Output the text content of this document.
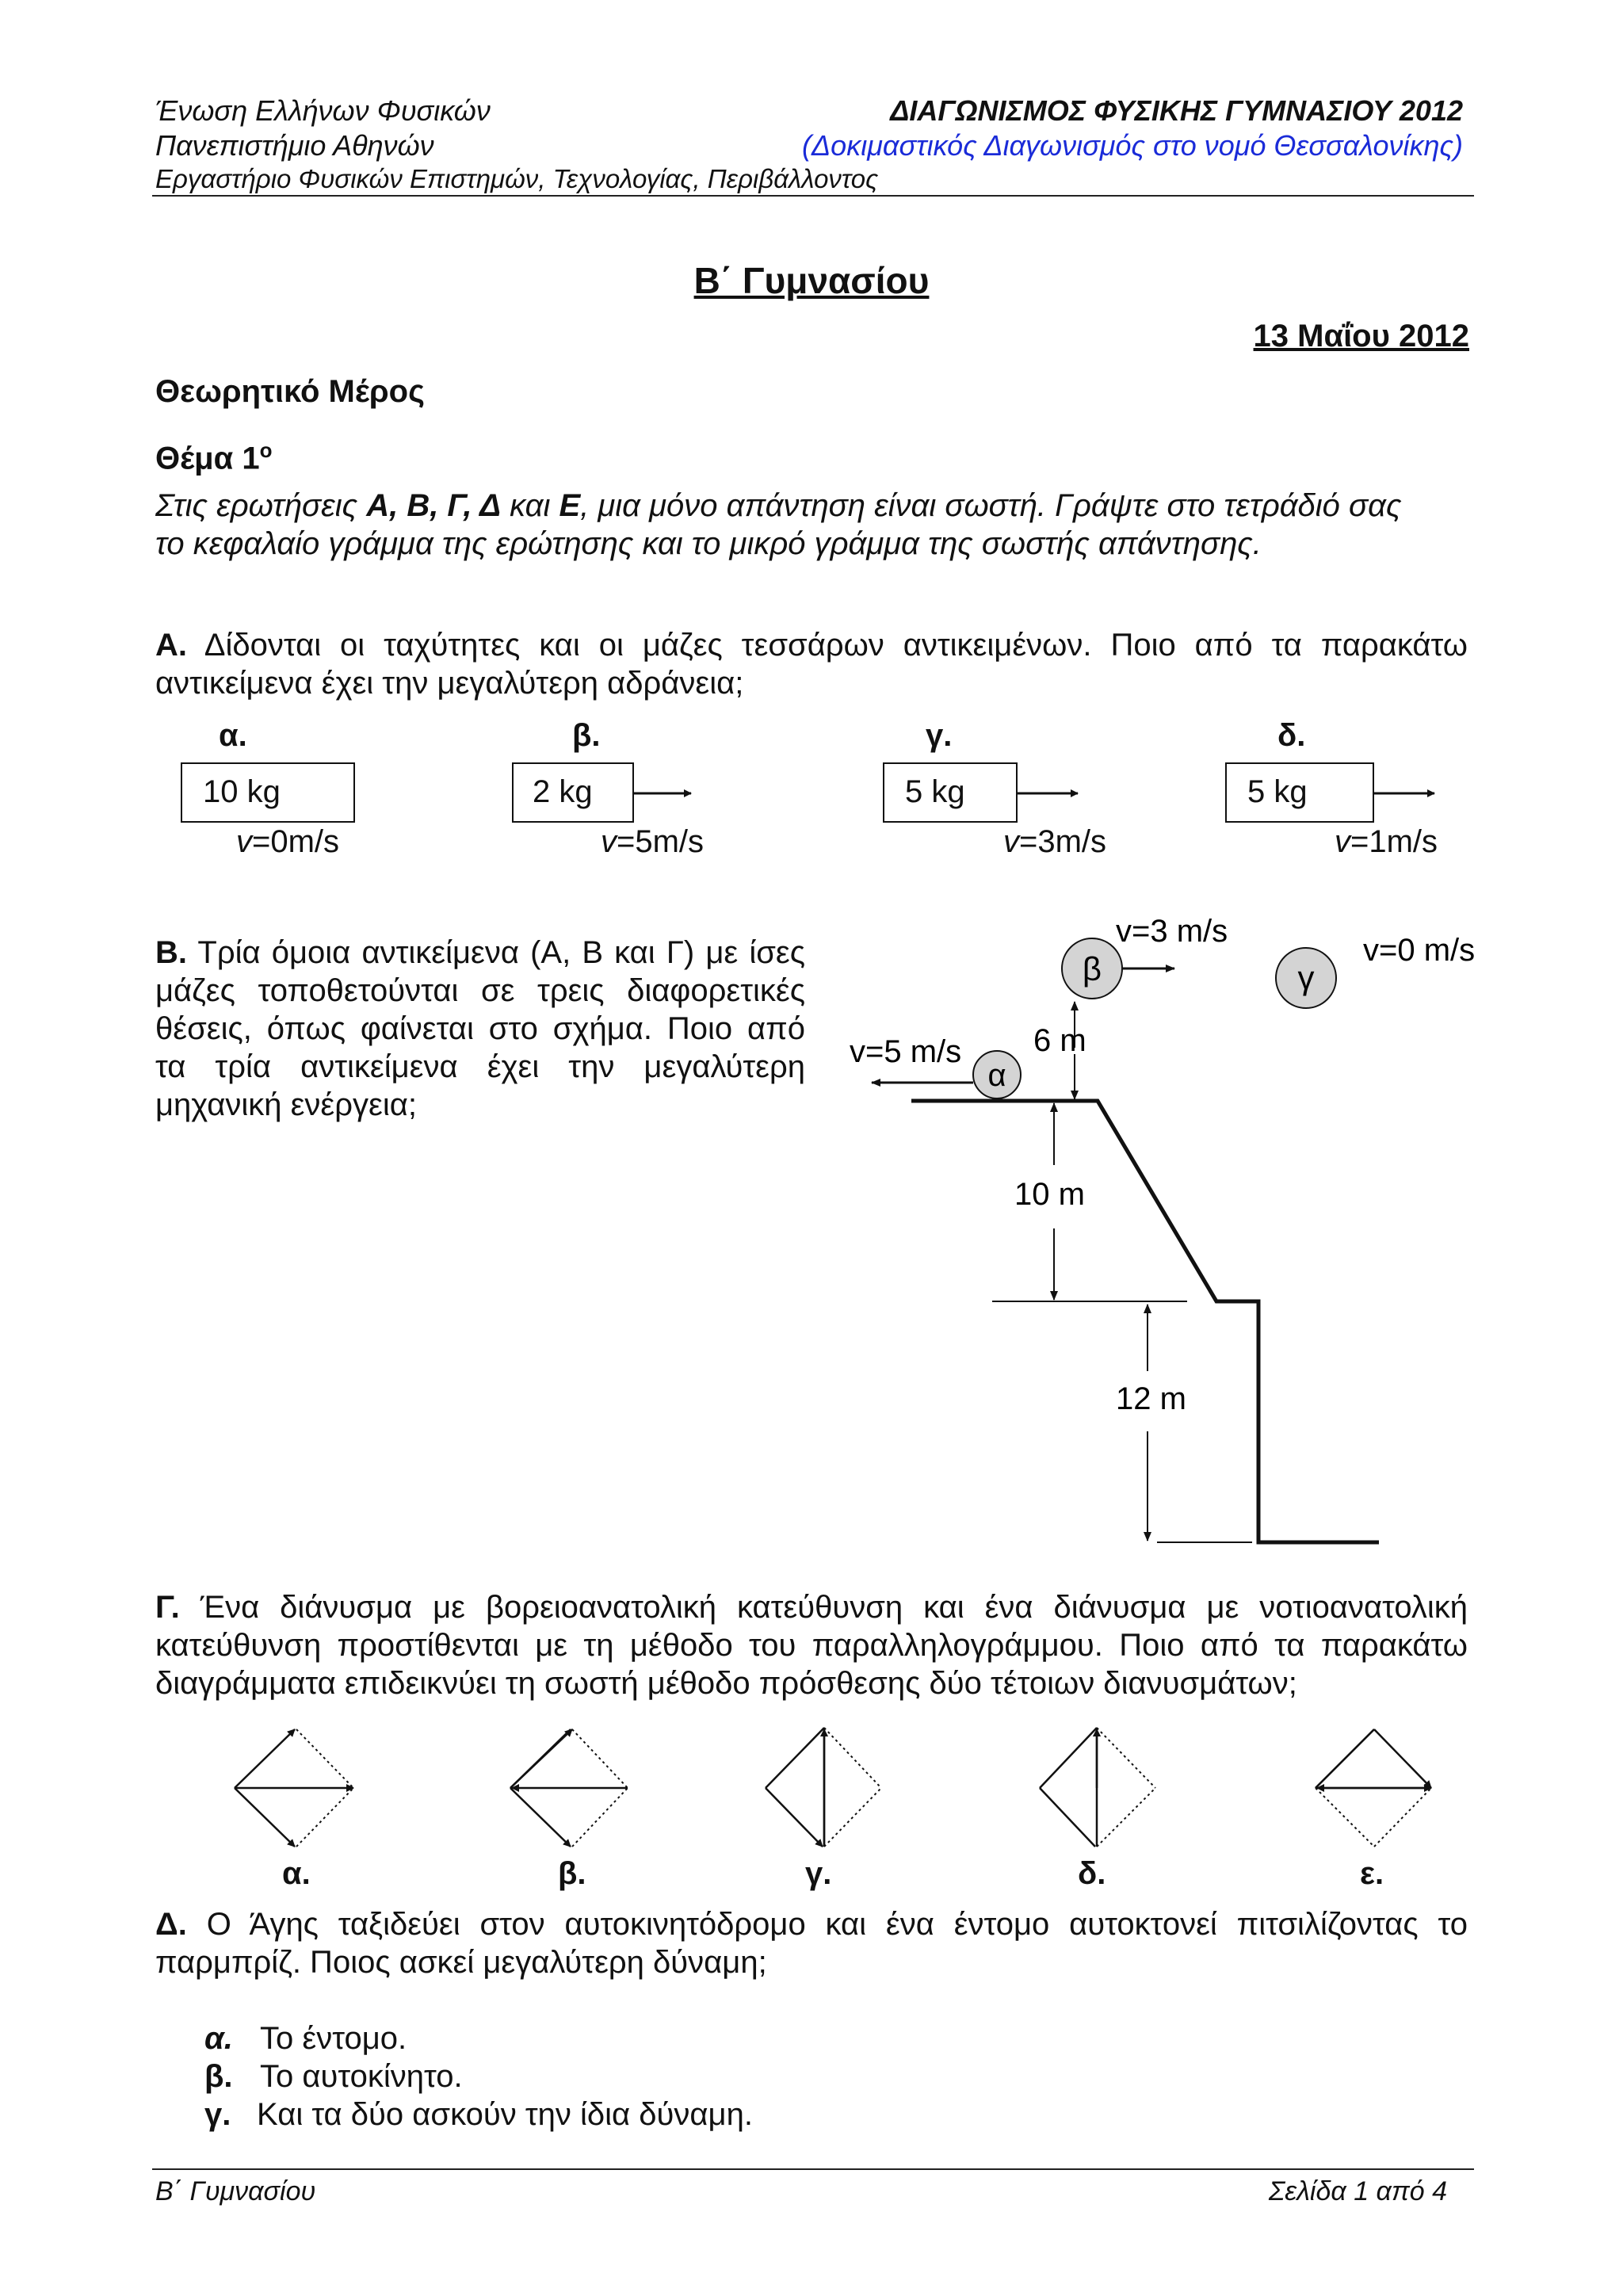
Ένωση Ελλήνων Φυσικών
Πανεπιστήμιο Αθηνών
Εργαστήριο Φυσικών Επιστημών, Τεχνολογίας, Περιβάλλοντος
ΔΙΑΓΩΝΙΣΜΟΣ ΦΥΣΙΚΗΣ ΓΥΜΝΑΣΙΟΥ 2012
(Δοκιμαστικός Διαγωνισμός στο νομό Θεσσαλονίκης)
Β΄ Γυμνασίου
13 Μαΐου 2012
Θεωρητικό Μέρος
Θέμα $1^o$
Στις ερωτήσεις Α, Β, Γ, Δ και Ε, μια μόνο απάντηση είναι σωστή. Γράψτε στο τετράδιό σας
το κεφαλαίο γράμμα της ερώτησης και το μικρό γράμμα της σωστής απάντησης.
Α. Δίδονται οι ταχύτητες και οι μάζες τεσσάρων αντικειμένων. Ποιο από τα παρακάτω
αντικείμενα έχει την μεγαλύτερη αδράνεια;
α.	β.	γ.	δ.
10 kg	2 kg	5 kg	5 kg
v=0m/s	v=5m/s	v=3m/s	v=1m/s
Β. Τρία όμοια αντικείμενα (Α, Β και Γ) με ίσες
μάζες τοποθετούνται σε τρεις διαφορετικές
θέσεις, όπως φαίνεται στο σχήμα. Ποιο από
τα τρία αντικείμενα έχει την μεγαλύτερη
μηχανική ενέργεια;
α
v=5 m/s
β
v=3 m/s
γ
v=0 m/s
6 m
10 m
12 m
Γ. Ένα διάνυσμα με βορειοανατολική κατεύθυνση και ένα διάνυσμα με νοτιοανατολική
κατεύθυνση προστίθενται με τη μέθοδο του παραλληλογράμμου. Ποιο από τα παρακάτω
διαγράμματα επιδεικνύει τη σωστή μέθοδο πρόσθεσης δύο τέτοιων διανυσμάτων;
α.	β.	γ.	δ.	ε.
Δ. Ο Άγης ταξιδεύει στον αυτοκινητόδρομο και ένα έντομο αυτοκτονεί πιτσιλίζοντας το
παρμπρίζ. Ποιος ασκεί μεγαλύτερη δύναμη;
α. Το έντομο.
β. Το αυτοκίνητο.
γ. Και τα δύο ασκούν την ίδια δύναμη.
Β΄ Γυμνασίου	Σελίδα 1 από 4
